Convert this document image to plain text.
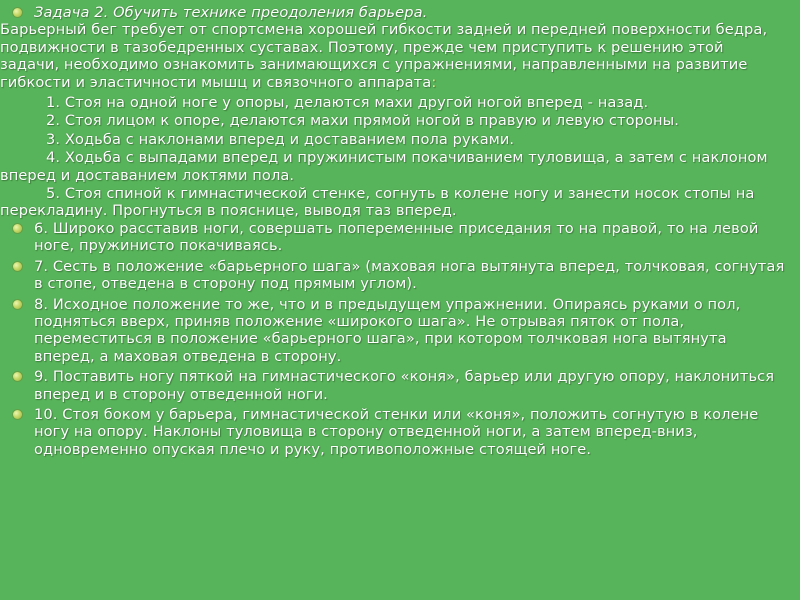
Задача 2. Обучить технике преодоления барьера.
Барьерный бег требует от спортсмена хорошей гибкости задней и передней поверхности бедра, подвижности в тазобедренных суставах. Поэтому, прежде чем приступить к решению этой задачи, необходимо ознакомить занимающихся с упражнениями, направленными на развитие гибкости и эластичности мышц и связочного аппарата:
1. Стоя на одной ноге у опоры, делаются махи другой ногой вперед - назад.
2. Стоя лицом к опоре, делаются махи прямой ногой в правую и левую стороны.
3. Ходьба с наклонами вперед и доставанием пола руками.
4. Ходьба с выпадами вперед и пружинистым покачиванием туловища, а затем с наклоном вперед и доставанием локтями пола.
5. Стоя спиной к гимнастической стенке, согнуть в колене ногу и занести носок стопы на перекладину. Прогнуться в пояснице, выводя таз вперед.
6. Широко расставив ноги, совершать попеременные приседания то на правой, то на левой ноге, пружинисто покачиваясь.
7. Сесть в положение «барьерного шага» (маховая нога вытянута вперед, толчковая, согнутая в стопе, отведена в сторону под прямым углом).
8. Исходное положение то же, что и в предыдущем упражнении. Опираясь руками о пол, подняться вверх, приняв положение «широкого шага». Не отрывая пяток от пола, переместиться в положение «барьерного шага», при котором толчковая нога вытянута вперед, а маховая отведена в сторону.
9. Поставить ногу пяткой на гимнастического «коня», барьер или другую опору, наклониться вперед и в сторону отведенной ноги.
10. Стоя боком у барьера, гимнастической стенки или «коня», положить согнутую в колене ногу на опору. Наклоны туловища в сторону отведенной ноги, а затем вперед-вниз, одновременно опуская плечо и руку, противоположные стоящей ноге.
